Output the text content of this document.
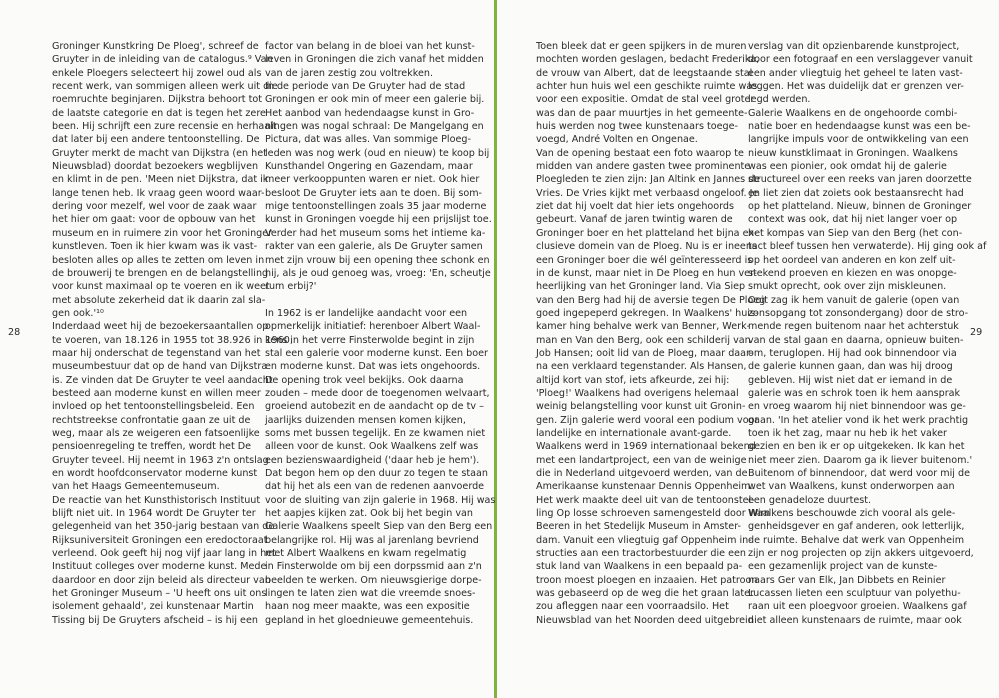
Groninger Kunstkring De Ploeg', schreef de
Gruyter in de inleiding van de catalogus.⁹ Van
enkele Ploegers selecteert hij zowel oud als
recent werk, van sommigen alleen werk uit die
roemruchte beginjaren. Dijkstra behoort tot
de laatste categorie en dat is tegen het zere
been. Hij schrijft een zure recensie en herhaalt
dat later bij een andere tentoonstelling. De
Gruyter merkt de macht van Dijkstra (en het
Nieuwsblad) doordat bezoekers wegblijven
en klimt in de pen. 'Meen niet Dijkstra, dat ik
lange tenen heb. Ik vraag geen woord waar-
dering voor mezelf, wel voor de zaak waar
het hier om gaat: voor de opbouw van het
museum en in ruimere zin voor het Groninger
kunstleven. Toen ik hier kwam was ik vast-
besloten alles op alles te zetten om leven in
de brouwerij te brengen en de belangstelling
voor kunst maximaal op te voeren en ik weet
met absolute zekerheid dat ik daarin zal sla-
gen ook.'¹⁰
Inderdaad weet hij de bezoekersaantallen op
te voeren, van 18.126 in 1955 tot 38.926 in 1960,
maar hij onderschat de tegenstand van het
museumbestuur dat op de hand van Dijkstra
is. Ze vinden dat De Gruyter te veel aandacht
besteed aan moderne kunst en willen meer
invloed op het tentoonstellingsbeleid. Een
rechtstreekse confrontatie gaan ze uit de
weg, maar als ze weigeren een fatsoenlijke
pensioenregeling te treffen, wordt het De
Gruyter teveel. Hij neemt in 1963 z'n ontslag
en wordt hoofdconservator moderne kunst
van het Haags Gemeentemuseum.
De reactie van het Kunsthistorisch Instituut
blijft niet uit. In 1964 wordt De Gruyter ter
gelegenheid van het 350-jarig bestaan van de
Rijksuniversiteit Groningen een eredoctoraat
verleend. Ook geeft hij nog vijf jaar lang in het
Instituut colleges over moderne kunst. Mede
daardoor en door zijn beleid als directeur van
het Groninger Museum – 'U heeft ons uit ons
isolement gehaald', zei kunstenaar Martin
Tissing bij De Gruyters afscheid – is hij een
factor van belang in de bloei van het kunst-
leven in Groningen die zich vanaf het midden
van de jaren zestig zou voltrekken.
In de periode van De Gruyter had de stad
Groningen er ook min of meer een galerie bij.
Het aanbod van hedendaagse kunst in Gro-
ningen was nogal schraal: De Mangelgang en
Pictura, dat was alles. Van sommige Ploeg-
leden was nog werk (oud en nieuw) te koop bij
Kunsthandel Ongering en Gazendam, maar
meer verkooppunten waren er niet. Ook hier
besloot De Gruyter iets aan te doen. Bij som-
mige tentoonstellingen zoals 35 jaar moderne
kunst in Groningen voegde hij een prijslijst toe.
Verder had het museum soms het intieme ka-
rakter van een galerie, als De Gruyter samen
met zijn vrouw bij een opening thee schonk en
hij, als je oud genoeg was, vroeg: 'En, scheutje
rum erbij?'
In 1962 is er landelijke aandacht voor een
opmerkelijk initiatief: herenboer Albert Waal-
kens in het verre Finsterwolde begint in zijn
stal een galerie voor moderne kunst. Een boer
en moderne kunst. Dat was iets ongehoords.
De opening trok veel bekijks. Ook daarna
zouden – mede door de toegenomen welvaart,
groeiend autobezit en de aandacht op de tv –
jaarlijks duizenden mensen komen kijken,
soms met bussen tegelijk. En ze kwamen niet
alleen voor de kunst. Ook Waalkens zelf was
een bezienswaardigheid ('daar heb je hem').
Dat begon hem op den duur zo tegen te staan
dat hij het als een van de redenen aanvoerde
voor de sluiting van zijn galerie in 1968. Hij was
het aapjes kijken zat. Ook bij het begin van
Galerie Waalkens speelt Siep van den Berg een
belangrijke rol. Hij was al jarenlang bevriend
met Albert Waalkens en kwam regelmatig
in Finsterwolde om bij een dorpssmid aan z'n
beelden te werken. Om nieuwsgierige dorpe-
lingen te laten zien wat die vreemde snoes-
haan nog meer maakte, was een expositie
gepland in het gloednieuwe gemeentehuis.
Toen bleek dat er geen spijkers in de muren
mochten worden geslagen, bedacht Frederika,
de vrouw van Albert, dat de leegstaande stal
achter hun huis wel een geschikte ruimte was
voor een expositie. Omdat de stal veel groter
was dan de paar muurtjes in het gemeente-
huis werden nog twee kunstenaars toege-
voegd, André Volten en Ongenae.
Van de opening bestaat een foto waarop te
midden van andere gasten twee prominente
Ploegleden te zien zijn: Jan Altink en Jannes de
Vries. De Vries kijkt met verbaasd ongeloof. Je
ziet dat hij voelt dat hier iets ongehoords
gebeurt. Vanaf de jaren twintig waren de
Groninger boer en het platteland het bijna ex-
clusieve domein van de Ploeg. Nu is er ineens
een Groninger boer die wél geïnteresseerd is
in de kunst, maar niet in De Ploeg en hun ver-
heerlijking van het Groninger land. Via Siep
van den Berg had hij de aversie tegen De Ploeg
goed ingepeperd gekregen. In Waalkens' huis-
kamer hing behalve werk van Benner, Werk-
man en Van den Berg, ook een schilderij van
Job Hansen; ooit lid van de Ploeg, maar daar-
na een verklaard tegenstander. Als Hansen,
altijd kort van stof, iets afkeurde, zei hij:
'Ploeg!' Waalkens had overigens helemaal
weinig belangstelling voor kunst uit Gronin-
gen. Zijn galerie werd vooral een podium voor
landelijke en internationale avant-garde.
Waalkens werd in 1969 internationaal bekend
met een landartproject, een van de weinige
die in Nederland uitgevoerd werden, van de
Amerikaanse kunstenaar Dennis Oppenheim.
Het werk maakte deel uit van de tentoonstel-
ling Op losse schroeven samengesteld door Wim
Beeren in het Stedelijk Museum in Amster-
dam. Vanuit een vliegtuig gaf Oppenheim in-
structies aan een tractorbestuurder die een
stuk land van Waalkens in een bepaald pa-
troon moest ploegen en inzaaien. Het patroon
was gebaseerd op de weg die het graan later
zou afleggen naar een voorraadsilo. Het
Nieuwsblad van het Noorden deed uitgebreid
verslag van dit opzienbarende kunstproject,
door een fotograaf en een verslaggever vanuit
een ander vliegtuig het geheel te laten vast-
leggen. Het was duidelijk dat er grenzen ver-
legd werden.
Galerie Waalkens en de ongehoorde combi-
natie boer en hedendaagse kunst was een be-
langrijke impuls voor de ontwikkeling van een
nieuw kunstklimaat in Groningen. Waalkens
was een pionier, ook omdat hij de galerie
structureel over een reeks van jaren doorzette
en liet zien dat zoiets ook bestaansrecht had
op het platteland. Nieuw, binnen de Groninger
context was ook, dat hij niet langer voer op
het kompas van Siep van den Berg (het con-
tact bleef tussen hen verwaterde). Hij ging ook af
op het oordeel van anderen en kon zelf uit-
stekend proeven en kiezen en was onopge-
smukt oprecht, ook over zijn miskleunen.
Ooit zag ik hem vanuit de galerie (open van
zonsopgang tot zonsondergang) door de stro-
mende regen buitenom naar het achterstuk
van de stal gaan en daarna, opnieuw buiten-
om, teruglopen. Hij had ook binnendoor via
de galerie kunnen gaan, dan was hij droog
gebleven. Hij wist niet dat er iemand in de
galerie was en schrok toen ik hem aansprak
en vroeg waarom hij niet binnendoor was ge-
gaan. 'In het atelier vond ik het werk prachtig
toen ik het zag, maar nu heb ik het vaker
gezien en ben ik er op uitgekeken. Ik kan het
niet meer zien. Daarom ga ik liever buitenom.'
Buitenom of binnendoor, dat werd voor mij de
wet van Waalkens, kunst onderworpen aan
een genadeloze duurtest.
Waalkens beschouwde zich vooral als gele-
genheidsgever en gaf anderen, ook letterlijk,
de ruimte. Behalve dat werk van Oppenheim
zijn er nog projecten op zijn akkers uitgevoerd,
een gezamenlijk project van de kunste-
naars Ger van Elk, Jan Dibbets en Reinier
Lucassen lieten een sculptuur van polyethu-
raan uit een ploegvoor groeien. Waalkens gaf
niet alleen kunstenaars de ruimte, maar ook
28	29
